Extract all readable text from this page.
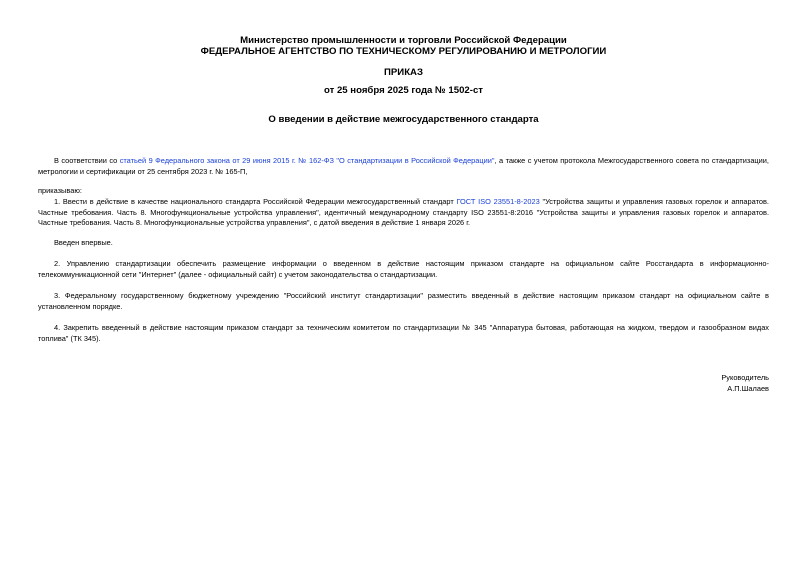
Министерство промышленности и торговли Российской Федерации
ФЕДЕРАЛЬНОЕ АГЕНТСТВО ПО ТЕХНИЧЕСКОМУ РЕГУЛИРОВАНИЮ И МЕТРОЛОГИИ
ПРИКАЗ
от 25 ноября 2025 года № 1502-ст
О введении в действие межгосударственного стандарта
В соответствии со статьей 9 Федерального закона от 29 июня 2015 г. № 162-ФЗ "О стандартизации в Российской Федерации", а также с учетом протокола Межгосударственного совета по стандартизации, метрологии и сертификации от 25 сентября 2023 г. № 165-П,
приказываю:
1. Ввести в действие в качестве национального стандарта Российской Федерации межгосударственный стандарт ГОСТ ISO 23551-8-2023 "Устройства защиты и управления газовых горелок и аппаратов. Частные требования. Часть 8. Многофункциональные устройства управления", идентичный международному стандарту ISO 23551-8:2016 "Устройства защиты и управления газовых горелок и аппаратов. Частные требования. Часть 8. Многофункциональные устройства управления", с датой введения в действие 1 января 2026 г.
Введен впервые.
2. Управлению стандартизации обеспечить размещение информации о введенном в действие настоящим приказом стандарте на официальном сайте Росстандарта в информационно-телекоммуникационной сети "Интернет" (далее - официальный сайт) с учетом законодательства о стандартизации.
3. Федеральному государственному бюджетному учреждению "Российский институт стандартизации" разместить введенный в действие настоящим приказом стандарт на официальном сайте в установленном порядке.
4. Закрепить введенный в действие настоящим приказом стандарт за техническим комитетом по стандартизации № 345 "Аппаратура бытовая, работающая на жидком, твердом и газообразном видах топлива" (ТК 345).
Руководитель
А.П.Шалаев
